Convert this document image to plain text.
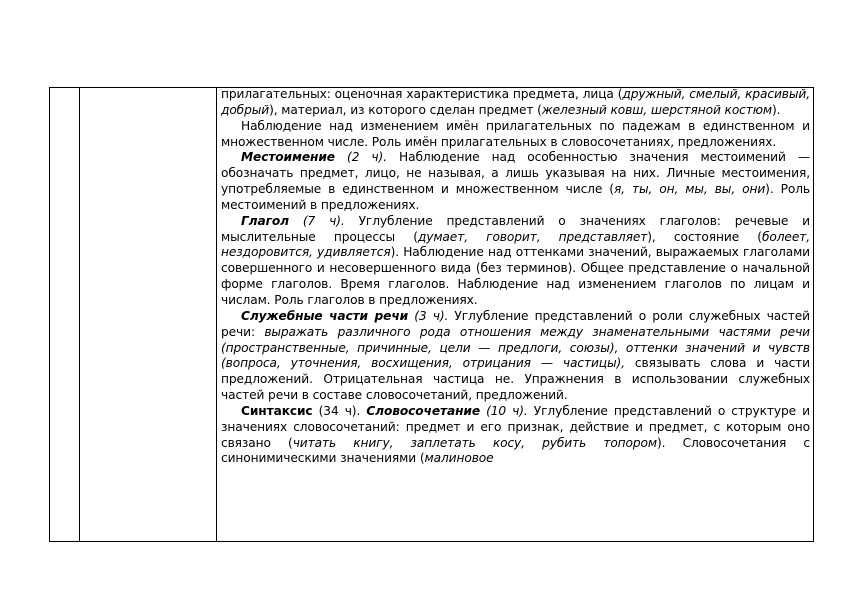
прилагательных: оценочная характеристика предмета, лица (дружный, смелый, красивый, добрый), материал, из которого сделан предмет (железный ковш, шерстяной костюм).

Наблюдение над изменением имён прилагательных по падежам в единственном и множественном числе. Роль имён прилагательных в словосочетаниях, предложениях.

Местоимение (2 ч). Наблюдение над особенностью значения местоимений — обозначать предмет, лицо, не называя, а лишь указывая на них. Личные местоимения, употребляемые в единственном и множественном числе (я, ты, он, мы, вы, они). Роль местоимений в предложениях.

Глагол (7 ч). Углубление представлений о значениях глаголов: речевые и мыслительные процессы (думает, говорит, представляет), состояние (болеет, нездоровится, удивляется). Наблюдение над оттенками значений, выражаемых глаголами совершенного и несовершенного вида (без терминов). Общее представление о начальной форме глаголов. Время глаголов. Наблюдение над изменением глаголов по лицам и числам. Роль глаголов в предложениях.

Служебные части речи (3 ч). Углубление представлений о роли служебных частей речи: выражать различного рода отношения между знаменательными частями речи (пространственные, причинные, цели — предлоги, союзы), оттенки значений и чувств (вопроса, уточнения, восхищения, отрицания — частицы), связывать слова и части предложений. Отрицательная частица не. Упражнения в использовании служебных частей речи в составе словосочетаний, предложений.

Синтаксис (34 ч). Словосочетание (10 ч). Углубление представлений о структуре и значениях словосочетаний: предмет и его признак, действие и предмет, с которым оно связано (читать книгу, заплетать косу, рубить топором). Словосочетания с синонимическими значениями (малиновое
